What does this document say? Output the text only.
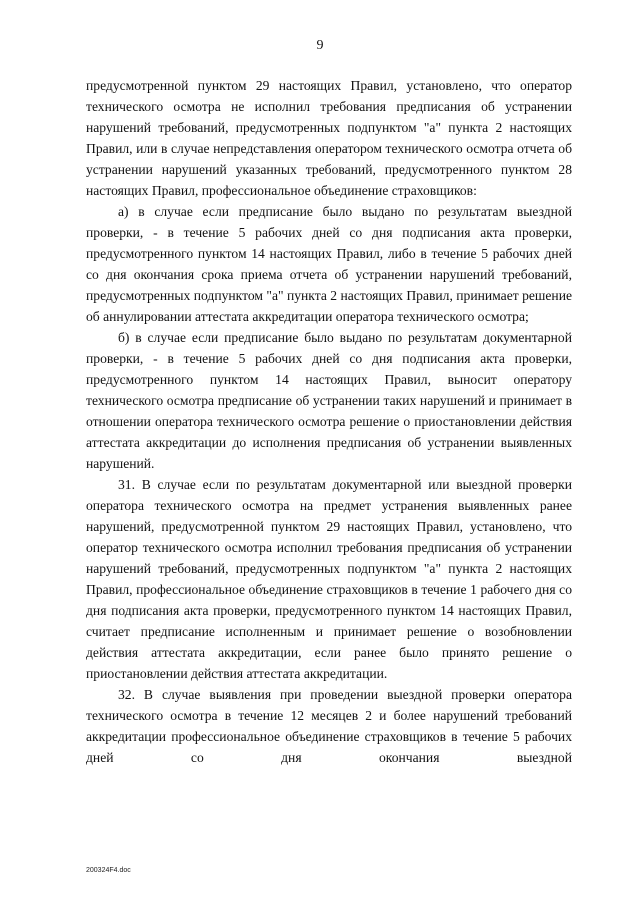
9

предусмотренной пунктом 29 настоящих Правил, установлено, что оператор технического осмотра не исполнил требования предписания об устранении нарушений требований, предусмотренных подпунктом "а" пункта 2 настоящих Правил, или в случае непредставления оператором технического осмотра отчета об устранении нарушений указанных требований, предусмотренного пунктом 28 настоящих Правил, профессиональное объединение страховщиков:

а) в случае если предписание было выдано по результатам выездной проверки, - в течение 5 рабочих дней со дня подписания акта проверки, предусмотренного пунктом 14 настоящих Правил, либо в течение 5 рабочих дней со дня окончания срока приема отчета об устранении нарушений требований, предусмотренных подпунктом "а" пункта 2 настоящих Правил, принимает решение об аннулировании аттестата аккредитации оператора технического осмотра;

б) в случае если предписание было выдано по результатам документарной проверки, - в течение 5 рабочих дней со дня подписания акта проверки, предусмотренного пунктом 14 настоящих Правил, выносит оператору технического осмотра предписание об устранении таких нарушений и принимает в отношении оператора технического осмотра решение о приостановлении действия аттестата аккредитации до исполнения предписания об устранении выявленных нарушений.

31. В случае если по результатам документарной или выездной проверки оператора технического осмотра на предмет устранения выявленных ранее нарушений, предусмотренной пунктом 29 настоящих Правил, установлено, что оператор технического осмотра исполнил требования предписания об устранении нарушений требований, предусмотренных подпунктом "а" пункта 2 настоящих Правил, профессиональное объединение страховщиков в течение 1 рабочего дня со дня подписания акта проверки, предусмотренного пунктом 14 настоящих Правил, считает предписание исполненным и принимает решение о возобновлении действия аттестата аккредитации, если ранее было принято решение о приостановлении действия аттестата аккредитации.

32. В случае выявления при проведении выездной проверки оператора технического осмотра в течение 12 месяцев 2 и более нарушений требований аккредитации профессиональное объединение страховщиков в течение 5 рабочих дней со дня окончания выездной

200324F4.doc
